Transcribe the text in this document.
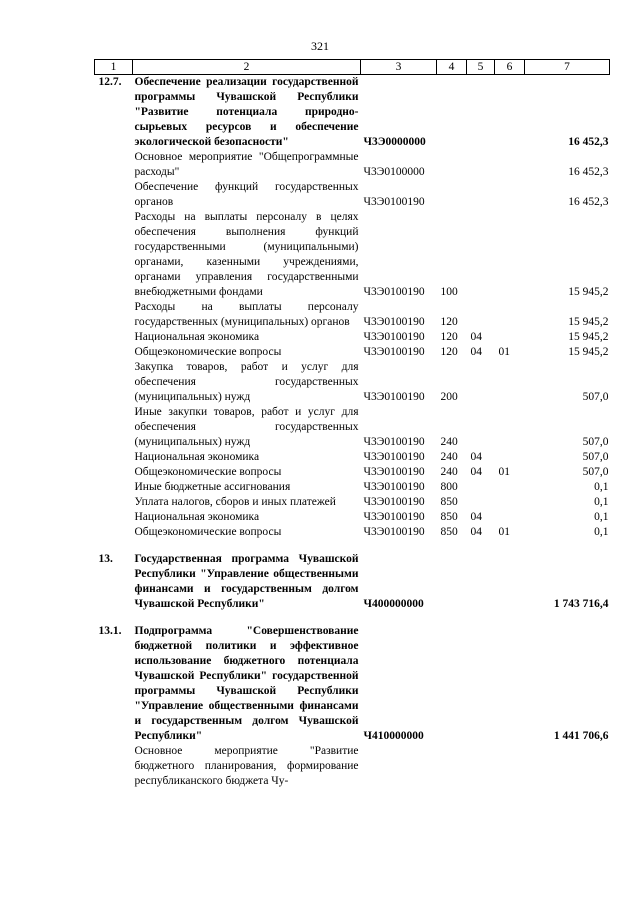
321
1	2	3	4	5	6	7
12.7.	Обеспечение реализации государственной программы Чувашской Республики "Развитие потенциала природно-сырьевых ресурсов и обеспечение экологической безопасности"	Ч3Э0000000				16 452,3
	Основное мероприятие "Общепрограммные расходы"	Ч3Э0100000				16 452,3
	Обеспечение функций государственных органов	Ч3Э0100190				16 452,3
	Расходы на выплаты персоналу в целях обеспечения выполнения функций государственными (муниципальными) органами, казенными учреждениями, органами управления государственными внебюджетными фондами	Ч3Э0100190	100			15 945,2
	Расходы на выплаты персоналу государственных (муниципальных) органов	Ч3Э0100190	120			15 945,2
	Национальная экономика	Ч3Э0100190	120	04		15 945,2
	Общеэкономические вопросы	Ч3Э0100190	120	04	01	15 945,2
	Закупка товаров, работ и услуг для обеспечения государственных (муниципальных) нужд	Ч3Э0100190	200			507,0
	Иные закупки товаров, работ и услуг для обеспечения государственных (муниципальных) нужд	Ч3Э0100190	240			507,0
	Национальная экономика	Ч3Э0100190	240	04		507,0
	Общеэкономические вопросы	Ч3Э0100190	240	04	01	507,0
	Иные бюджетные ассигнования	Ч3Э0100190	800			0,1
	Уплата налогов, сборов и иных платежей	Ч3Э0100190	850			0,1
	Национальная экономика	Ч3Э0100190	850	04		0,1
	Общеэкономические вопросы	Ч3Э0100190	850	04	01	0,1

13.	Государственная программа Чувашской Республики "Управление общественными финансами и государственным долгом Чувашской Республики"	Ч400000000				1 743 716,4

13.1.	Подпрограмма "Совершенствование бюджетной политики и эффективное использование бюджетного потенциала Чувашской Республики" государственной программы Чувашской Республики "Управление общественными финансами и государственным долгом Чувашской Республики"	Ч410000000				1 441 706,6
	Основное мероприятие "Развитие бюджетного планирования, формирование республиканского бюджета Чу-					
